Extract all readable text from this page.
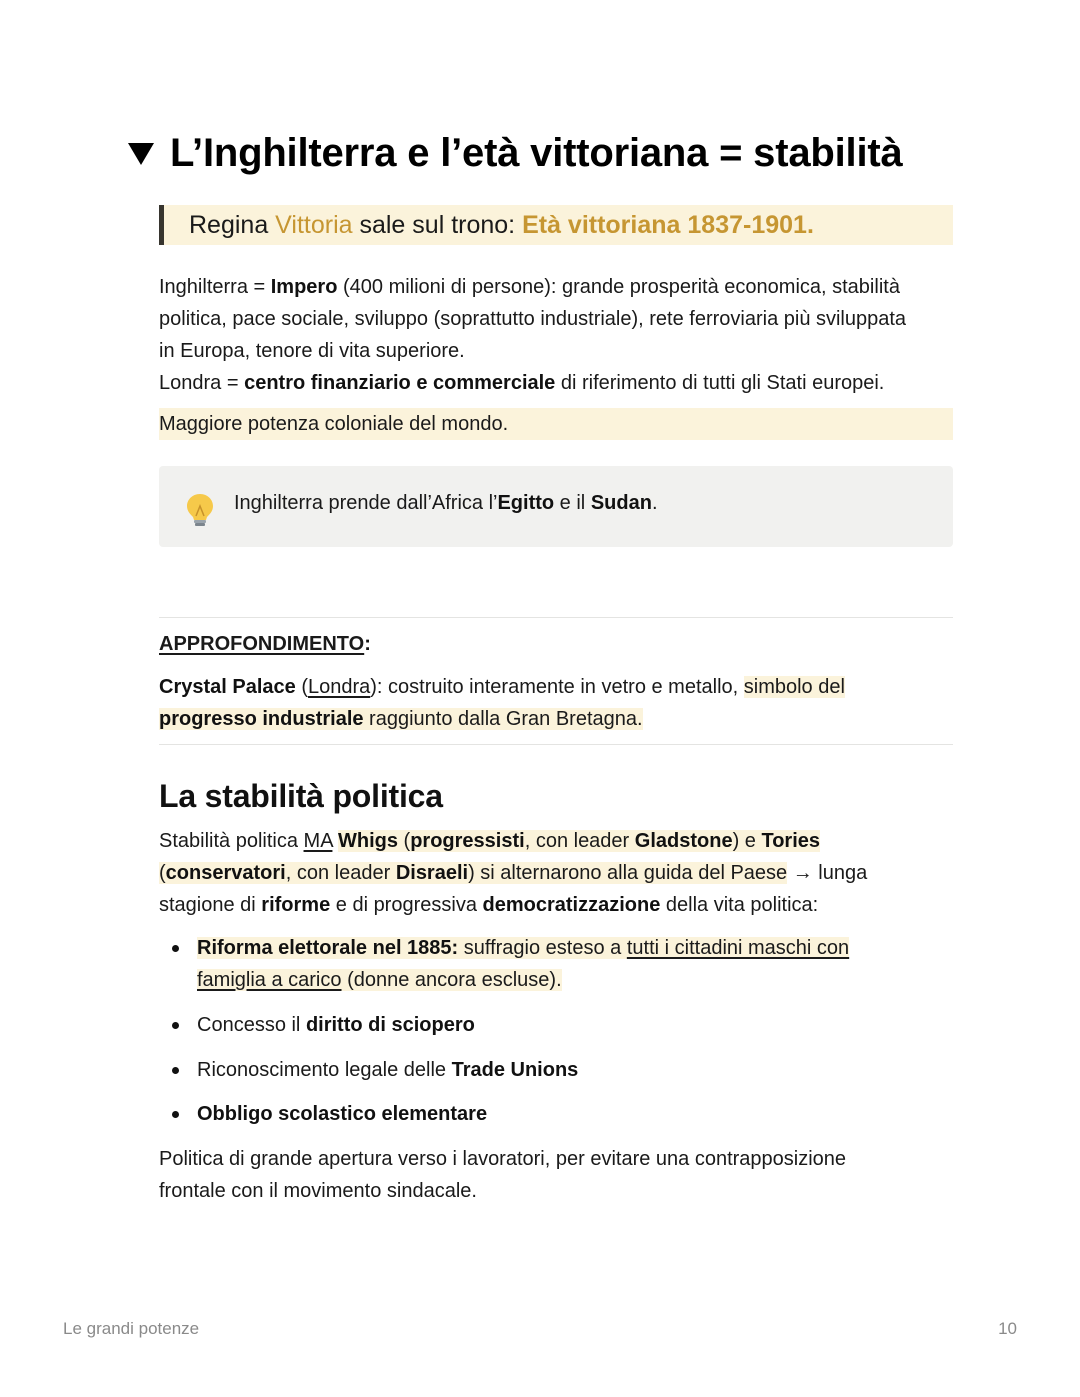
L’Inghilterra e l’età vittoriana = stabilità
Regina Vittoria sale sul trono: Età vittoriana 1837-1901.
Inghilterra = Impero (400 milioni di persone): grande prosperità economica, stabilità
politica, pace sociale, sviluppo (soprattutto industriale), rete ferroviaria più sviluppata
in Europa, tenore di vita superiore.
Londra = centro finanziario e commerciale di riferimento di tutti gli Stati europei.
Maggiore potenza coloniale del mondo.
Inghilterra prende dall’Africa l’Egitto e il Sudan.
APPROFONDIMENTO:
Crystal Palace (Londra): costruito interamente in vetro e metallo, simbolo del
progresso industriale raggiunto dalla Gran Bretagna.
La stabilità politica
Stabilità politica MA Whigs (progressisti, con leader Gladstone) e Tories
(conservatori, con leader Disraeli) si alternarono alla guida del Paese → lunga
stagione di riforme e di progressiva democratizzazione della vita politica:
Riforma elettorale nel 1885: suffragio esteso a tutti i cittadini maschi con
famiglia a carico (donne ancora escluse).
Concesso il diritto di sciopero
Riconoscimento legale delle Trade Unions
Obbligo scolastico elementare
Politica di grande apertura verso i lavoratori, per evitare una contrapposizione
frontale con il movimento sindacale.
Le grandi potenze	10
